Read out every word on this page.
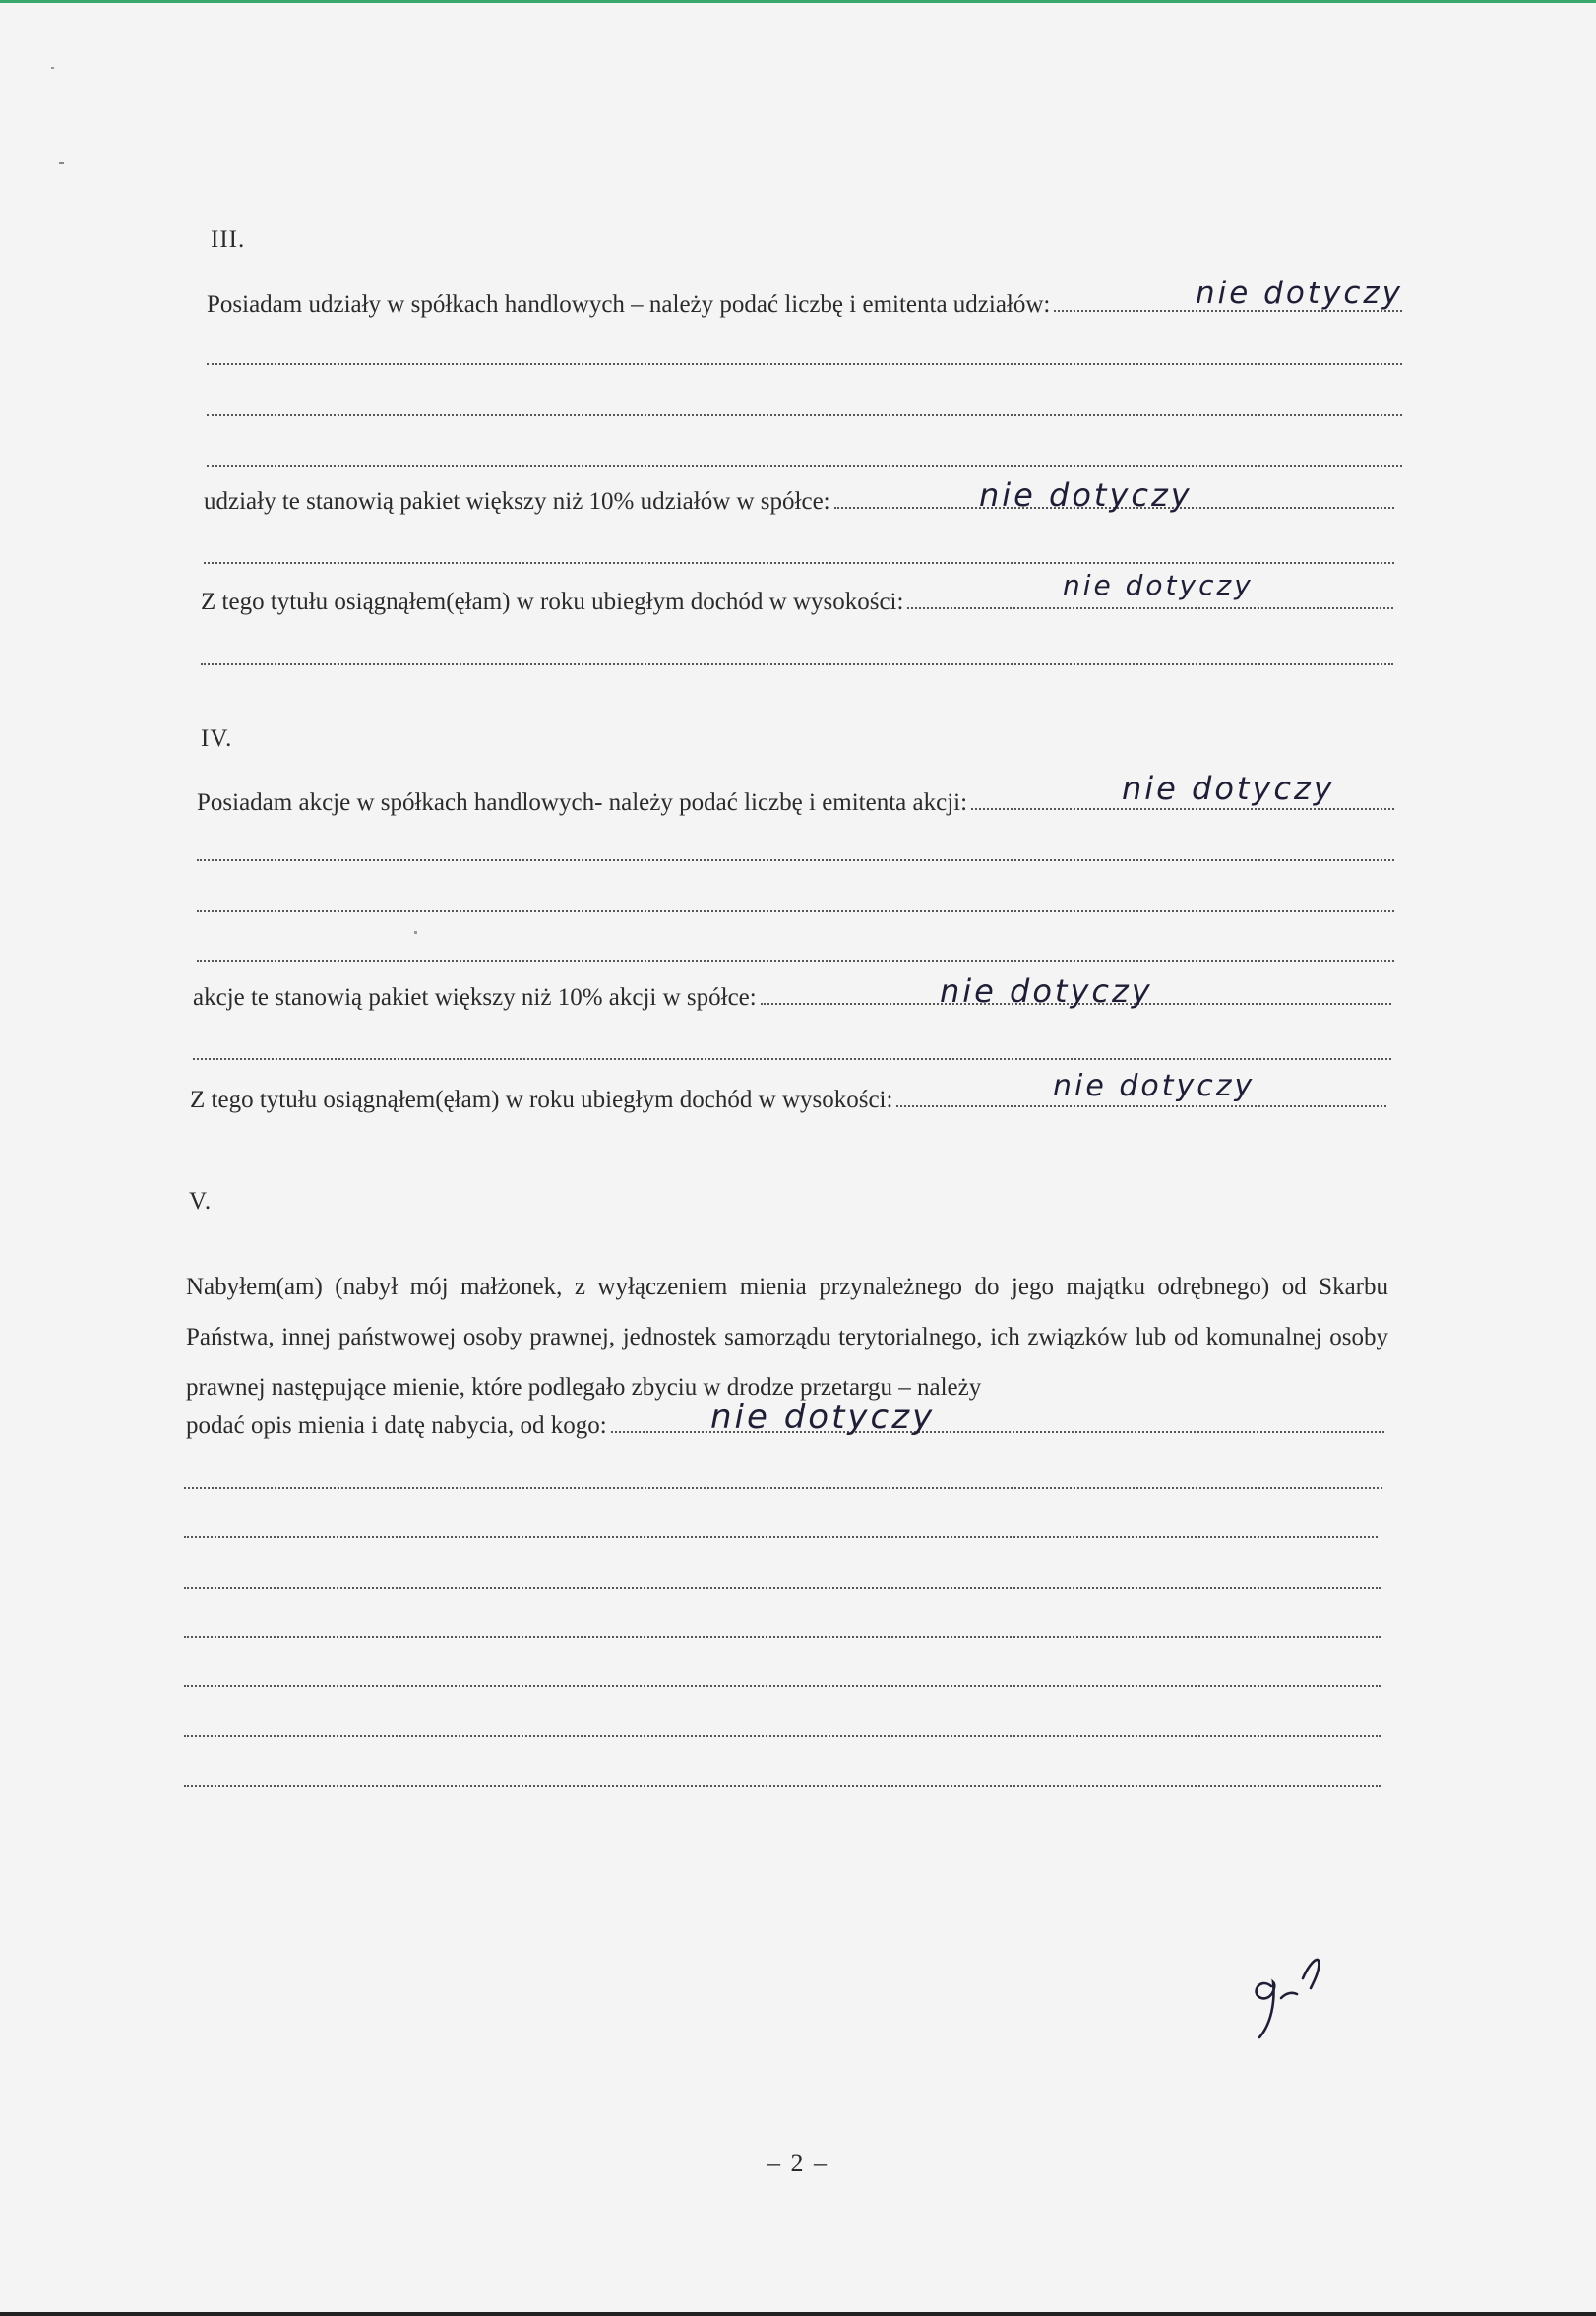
III.
Posiadam udziały w spółkach handlowych – należy podać liczbę i emitenta udziałów:	nie dotyczy
udziały te stanowią pakiet większy niż 10% udziałów w spółce:	nie dotyczy
Z tego tytułu osiągnąłem(ęłam) w roku ubiegłym dochód w wysokości:
nie dotyczy
IV.
Posiadam akcje w spółkach handlowych- należy podać liczbę i emitenta akcji:	nie dotyczy
akcje te stanowią pakiet większy niż 10% akcji w spółce:	nie dotyczy
Z tego tytułu osiągnąłem(ęłam) w roku ubiegłym dochód w wysokości:	nie dotyczy
V.
Nabyłem(am) (nabył mój małżonek, z wyłączeniem mienia przynależnego do jego majątku odrębnego) od Skarbu Państwa, innej państwowej osoby prawnej, jednostek samorządu terytorialnego, ich związków lub od komunalnej osoby prawnej następujące mienie, które podlegało zbyciu w drodze przetargu – należy
podać opis mienia i datę nabycia, od kogo:	nie dotyczy
– 2 –
